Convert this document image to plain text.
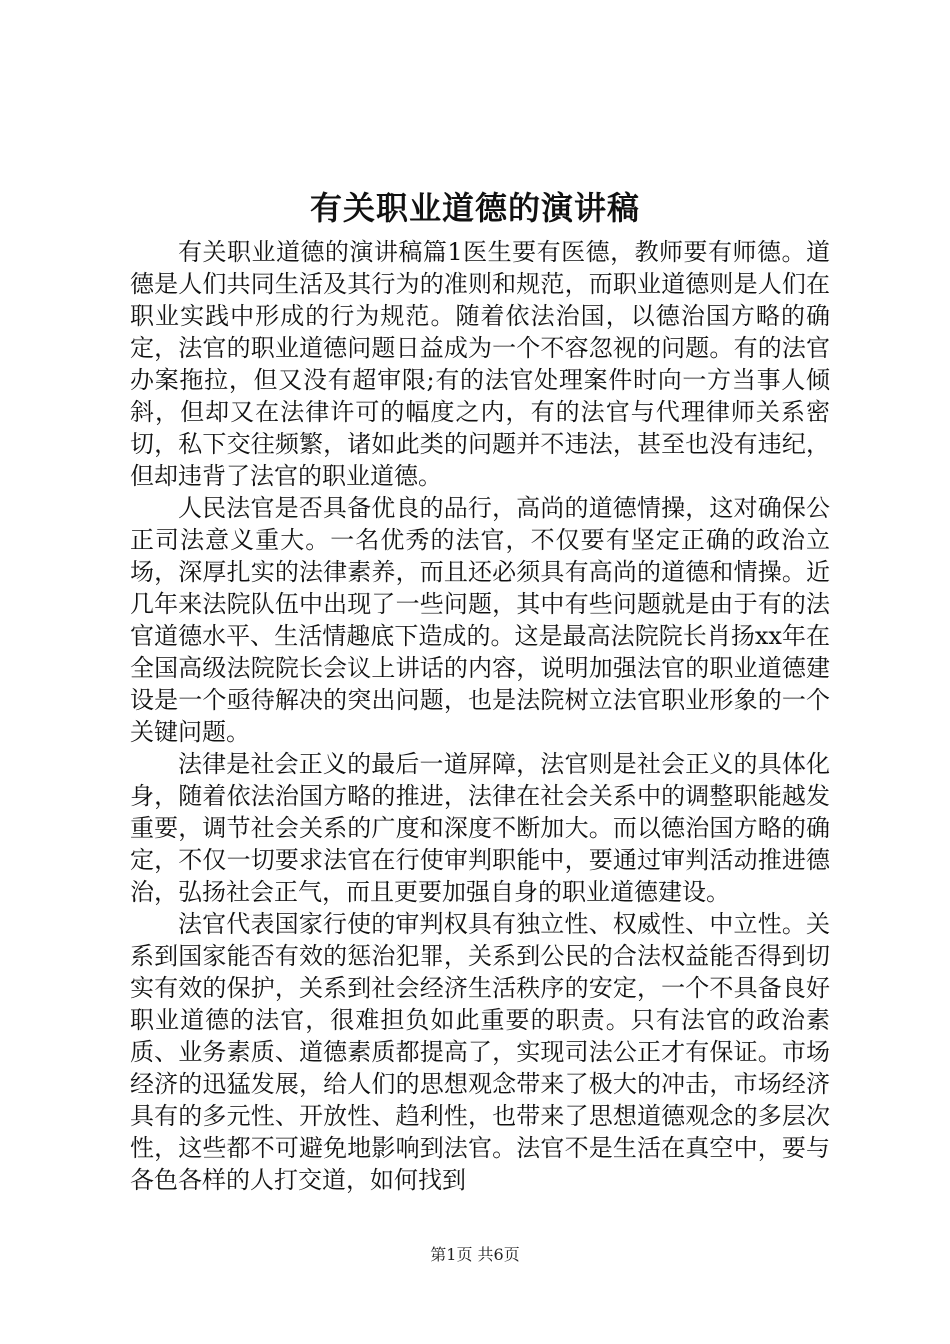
有关职业道德的演讲稿

有关职业道德的演讲稿篇1医生要有医德，教师要有师德。道德是人们共同生活及其行为的准则和规范，而职业道德则是人们在职业实践中形成的行为规范。随着依法治国，以德治国方略的确定，法官的职业道德问题日益成为一个不容忽视的问题。有的法官办案拖拉，但又没有超审限;有的法官处理案件时向一方当事人倾斜，但却又在法律许可的幅度之内，有的法官与代理律师关系密切，私下交往频繁，诸如此类的问题并不违法，甚至也没有违纪，但却违背了法官的职业道德。

人民法官是否具备优良的品行，高尚的道德情操，这对确保公正司法意义重大。一名优秀的法官，不仅要有坚定正确的政治立场，深厚扎实的法律素养，而且还必须具有高尚的道德和情操。近几年来法院队伍中出现了一些问题，其中有些问题就是由于有的法官道德水平、生活情趣底下造成的。这是最高法院院长肖扬xx年在全国高级法院院长会议上讲话的内容，说明加强法官的职业道德建设是一个亟待解决的突出问题，也是法院树立法官职业形象的一个关键问题。

法律是社会正义的最后一道屏障，法官则是社会正义的具体化身，随着依法治国方略的推进，法律在社会关系中的调整职能越发重要，调节社会关系的广度和深度不断加大。而以德治国方略的确定，不仅一切要求法官在行使审判职能中，要通过审判活动推进德治，弘扬社会正气，而且更要加强自身的职业道德建设。

法官代表国家行使的审判权具有独立性、权威性、中立性。关系到国家能否有效的惩治犯罪，关系到公民的合法权益能否得到切实有效的保护，关系到社会经济生活秩序的安定，一个不具备良好职业道德的法官，很难担负如此重要的职责。只有法官的政治素质、业务素质、道德素质都提高了，实现司法公正才有保证。市场经济的迅猛发展，给人们的思想观念带来了极大的冲击，市场经济具有的多元性、开放性、趋利性，也带来了思想道德观念的多层次性，这些都不可避免地影响到法官。法官不是生活在真空中，要与各色各样的人打交道，如何找到

第1页 共6页
